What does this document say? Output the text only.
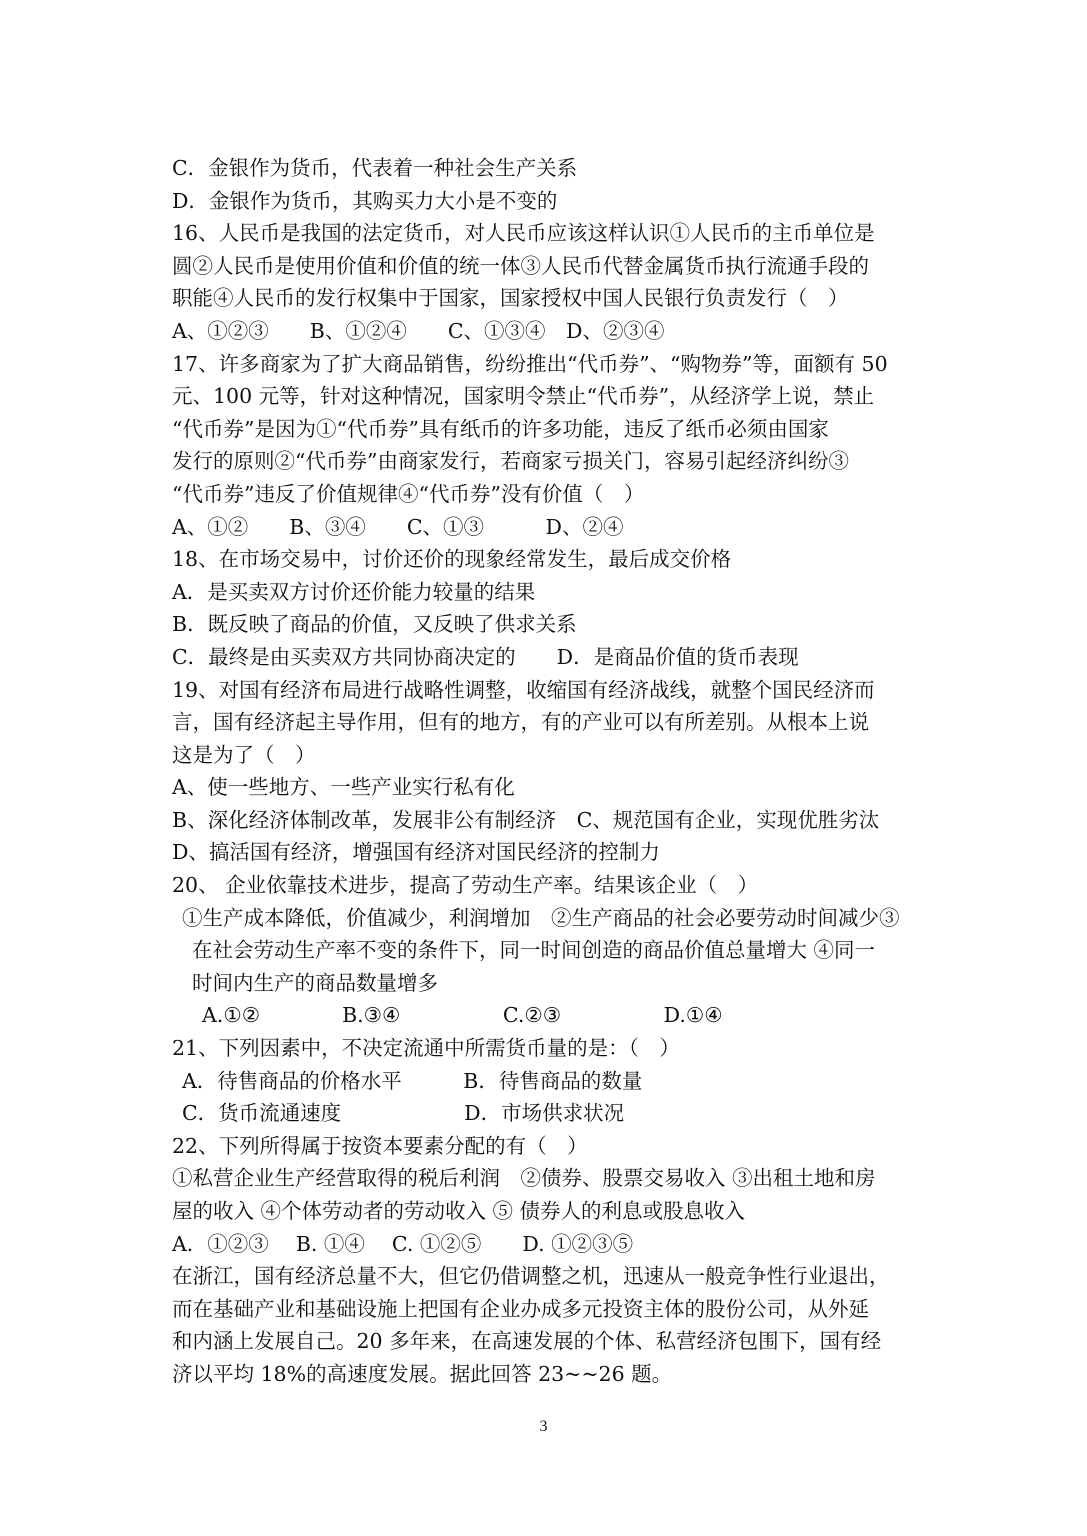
C．金银作为货币，代表着一种社会生产关系
D．金银作为货币，其购买力大小是不变的
16、人民币是我国的法定货币，对人民币应该这样认识①人民币的主币单位是
圆②人民币是使用价值和价值的统一体③人民币代替金属货币执行流通手段的
职能④人民币的发行权集中于国家，国家授权中国人民银行负责发行（　）
A、①②③　　B、①②④　　C、①③④　D、②③④
17、许多商家为了扩大商品销售，纷纷推出“代币券”、“购物券”等，面额有 50
元、100 元等，针对这种情况，国家明令禁止“代币券”，从经济学上说，禁止
“代币券”是因为①“代币券”具有纸币的许多功能，违反了纸币必须由国家
发行的原则②“代币券”由商家发行，若商家亏损关门，容易引起经济纠纷③
“代币券”违反了价值规律④“代币券”没有价值（　）
A、①②　　B、③④　　C、①③　　　D、②④
18、在市场交易中，讨价还价的现象经常发生，最后成交价格
A．是买卖双方讨价还价能力较量的结果
B．既反映了商品的价值，又反映了供求关系
C．最终是由买卖双方共同协商决定的　　D．是商品价值的货币表现
19、对国有经济布局进行战略性调整，收缩国有经济战线，就整个国民经济而
言，国有经济起主导作用，但有的地方，有的产业可以有所差别。从根本上说
这是为了（　）
A、使一些地方、一些产业实行私有化
B、深化经济体制改革，发展非公有制经济　C、规范国有企业，实现优胜劣汰
D、搞活国有经济，增强国有经济对国民经济的控制力
20、 企业依靠技术进步，提高了劳动生产率。结果该企业（　）
①生产成本降低，价值减少，利润增加　②生产商品的社会必要劳动时间减少③
在社会劳动生产率不变的条件下，同一时间创造的商品价值总量增大 ④同一
时间内生产的商品数量增多
A.①②　　　　B.③④　　　　　C.②③　　　　　D.①④
21、下列因素中，不决定流通中所需货币量的是：（　）
A．待售商品的价格水平　　　B．待售商品的数量
C．货币流通速度　　　　　　D．市场供求状况
22、下列所得属于按资本要素分配的有（　）
①私营企业生产经营取得的税后利润　②债券、股票交易收入 ③出租土地和房
屋的收入 ④个体劳动者的劳动收入 ⑤ 债券人的利息或股息收入
A．①②③　 B. ①④　 C. ①②⑤　　D. ①②③⑤
在浙江，国有经济总量不大，但它仍借调整之机，迅速从一般竞争性行业退出，
而在基础产业和基础设施上把国有企业办成多元投资主体的股份公司，从外延
和内涵上发展自己。20 多年来，在高速发展的个体、私营经济包围下，国有经
济以平均 18%的高速度发展。据此回答 23~~26 题。
3
